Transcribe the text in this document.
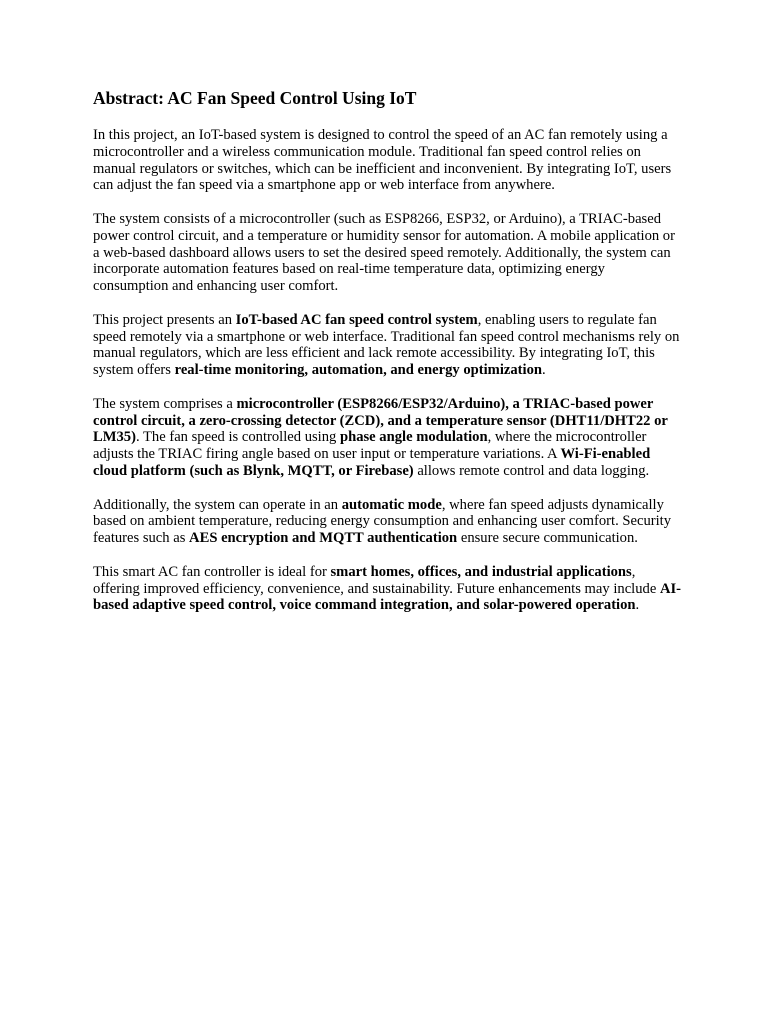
Abstract: AC Fan Speed Control Using IoT

In this project, an IoT-based system is designed to control the speed of an AC fan remotely using a microcontroller and a wireless communication module. Traditional fan speed control relies on manual regulators or switches, which can be inefficient and inconvenient. By integrating IoT, users can adjust the fan speed via a smartphone app or web interface from anywhere.

The system consists of a microcontroller (such as ESP8266, ESP32, or Arduino), a TRIAC-based power control circuit, and a temperature or humidity sensor for automation. A mobile application or a web-based dashboard allows users to set the desired speed remotely. Additionally, the system can incorporate automation features based on real-time temperature data, optimizing energy consumption and enhancing user comfort.

This project presents an IoT-based AC fan speed control system, enabling users to regulate fan speed remotely via a smartphone or web interface. Traditional fan speed control mechanisms rely on manual regulators, which are less efficient and lack remote accessibility. By integrating IoT, this system offers real-time monitoring, automation, and energy optimization.

The system comprises a microcontroller (ESP8266/ESP32/Arduino), a TRIAC-based power control circuit, a zero-crossing detector (ZCD), and a temperature sensor (DHT11/DHT22 or LM35). The fan speed is controlled using phase angle modulation, where the microcontroller adjusts the TRIAC firing angle based on user input or temperature variations. A Wi-Fi-enabled cloud platform (such as Blynk, MQTT, or Firebase) allows remote control and data logging.

Additionally, the system can operate in an automatic mode, where fan speed adjusts dynamically based on ambient temperature, reducing energy consumption and enhancing user comfort. Security features such as AES encryption and MQTT authentication ensure secure communication.

This smart AC fan controller is ideal for smart homes, offices, and industrial applications, offering improved efficiency, convenience, and sustainability. Future enhancements may include AI-based adaptive speed control, voice command integration, and solar-powered operation.
